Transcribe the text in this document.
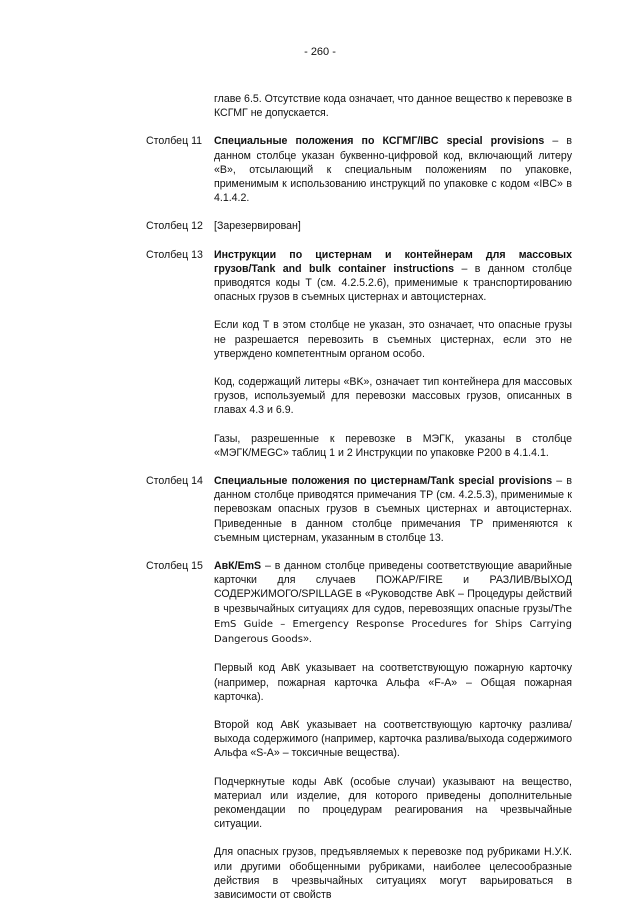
- 260 -

главе 6.5. Отсутствие кода означает, что данное вещество к перевозке в КСГМГ не допускается.

Столбец 11	Специальные положения по КСГМГ/IBC special provisions – в данном столбце указан буквенно-цифровой код, включающий литеру «B», отсылающий к специальным положениям по упаковке, применимым к использованию инструкций по упаковке с кодом «IBC» в 4.1.4.2.

Столбец 12	[Зарезервирован]

Столбец 13	Инструкции по цистернам и контейнерам для массовых грузов/Tank and bulk container instructions – в данном столбце приводятся коды T (см. 4.2.5.2.6), применимые к транспортированию опасных грузов в съемных цистернах и автоцистернах.

Если код T в этом столбце не указан, это означает, что опасные грузы не разрешается перевозить в съемных цистернах, если это не утверждено компетентным органом особо.

Код, содержащий литеры «BK», означает тип контейнера для массовых грузов, используемый для перевозки массовых грузов, описанных в главах 4.3 и 6.9.

Газы, разрешенные к перевозке в МЭГК, указаны в столбце «МЭГК/MEGC» таблиц 1 и 2 Инструкции по упаковке P200 в 4.1.4.1.

Столбец 14	Специальные положения по цистернам/Tank special provisions – в данном столбце приводятся примечания TP (см. 4.2.5.3), применимые к перевозкам опасных грузов в съемных цистернах и автоцистернах. Приведенные в данном столбце примечания TP применяются к съемным цистернам, указанным в столбце 13.

Столбец 15	АвК/EmS – в данном столбце приведены соответствующие аварийные карточки для случаев ПОЖАР/FIRE и РАЗЛИВ/ВЫХОД СОДЕРЖИМОГО/SPILLAGE в «Руководстве АвК – Процедуры действий в чрезвычайных ситуациях для судов, перевозящих опасные грузы/The EmS Guide – Emergency Response Procedures for Ships Carrying Dangerous Goods».

Первый код АвК указывает на соответствующую пожарную карточку (например, пожарная карточка Альфа «F-A» – Общая пожарная карточка).

Второй код АвК указывает на соответствующую карточку разлива/выхода содержимого (например, карточка разлива/выхода содержимого Альфа «S-A» – токсичные вещества).

Подчеркнутые коды АвК (особые случаи) указывают на вещество, материал или изделие, для которого приведены дополнительные рекомендации по процедурам реагирования на чрезвычайные ситуации.

Для опасных грузов, предъявляемых к перевозке под рубриками Н.У.К. или другими обобщенными рубриками, наиболее целесообразные действия в чрезвычайных ситуациях могут варьироваться в зависимости от свойств
